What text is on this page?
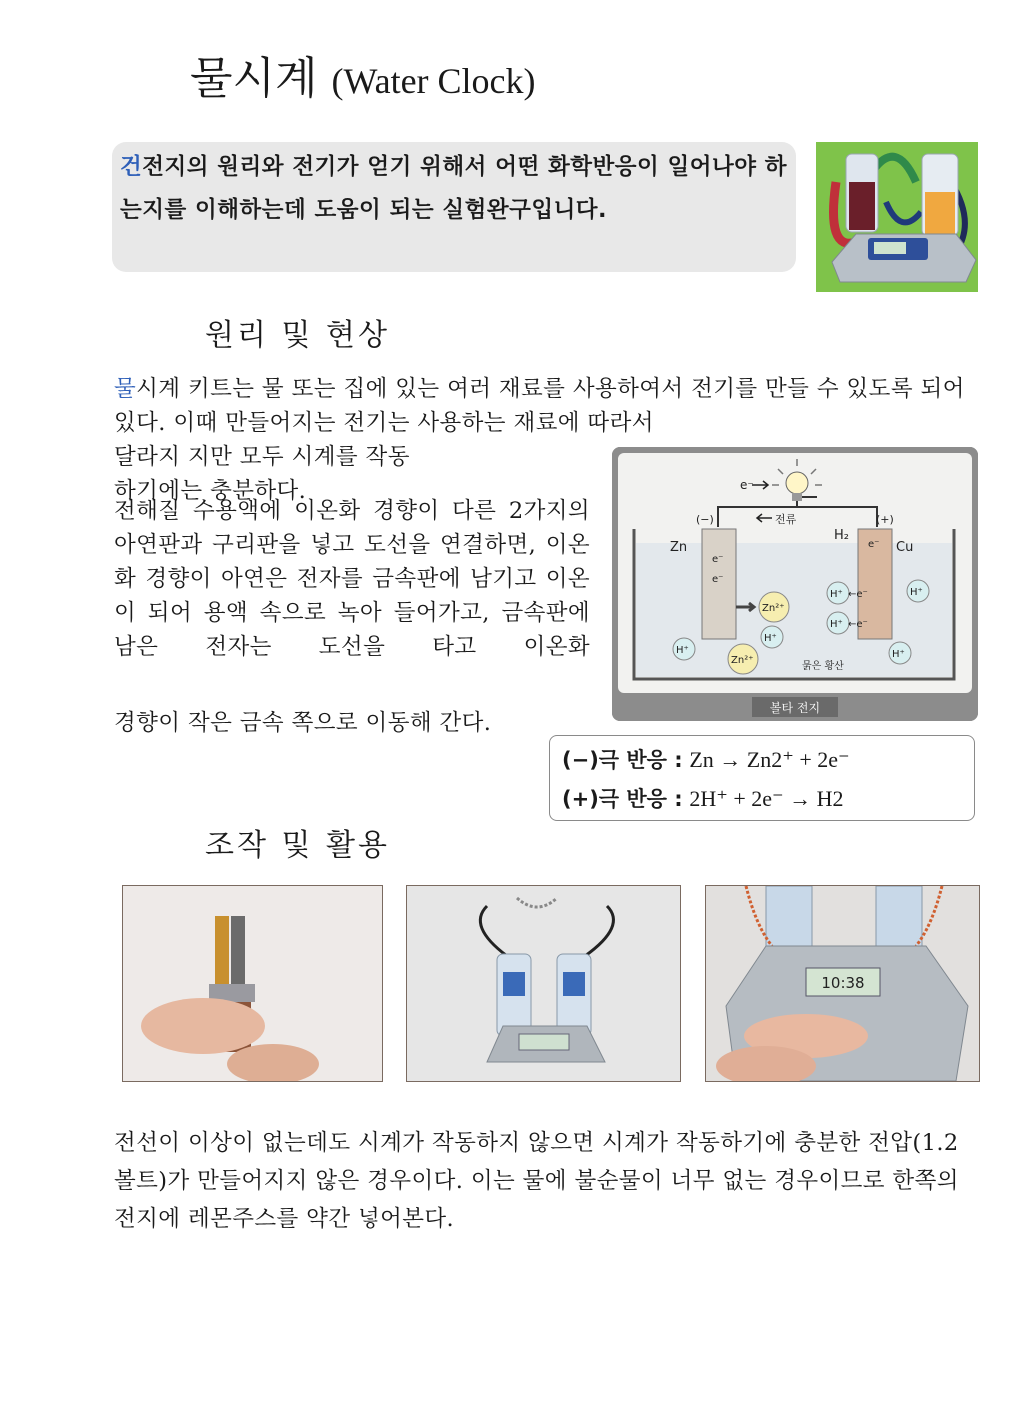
물시계 (Water Clock)
건전지의 원리와 전기가 얻기 위해서 어떤 화학반응이 일어나야 하는지를 이해하는데 도움이 되는 실험완구입니다.
원리 및 현상
물시계 키트는 물 또는 집에 있는 여러 재료를 사용하여서 전기를 만들 수 있도록 되어 있다. 이때 만들어지는 전기는 사용하는 재료에 따라서
달라지 지만 모두 시계를 작동
하기에는 충분하다.
전해질 수용액에 이온화 경향이 다른 2가지의 아연판과 구리판을 넣고 도선을 연결하면, 이온화 경향이 아연은 전자를 금속판에 남기고 이온이 되어 용액 속으로 녹아 들어가고, 금속판에 남은 전자는 도선을 타고 이온화
경향이 작은 금속 쪽으로 이동해 간다.
e⁻
전류
(−)	(+)
Zn	Cu
H₂
e⁻
e⁻
e⁻
Zn²⁺
Zn²⁺
H⁺
H⁺
H⁺
H⁺
H⁺
H⁺
←e⁻
←e⁻
묽은 황산
볼타 전지
(−)극 반응 : Zn → Zn2⁺ + 2e⁻
(+)극 반응 : 2H⁺ + 2e⁻ → H2
조작 및 활용
10:38
전선이 이상이 없는데도 시계가 작동하지 않으면 시계가 작동하기에 충분한 전압(1.2볼트)가 만들어지지 않은 경우이다. 이는 물에 불순물이 너무 없는 경우이므로 한쪽의 전지에 레몬주스를 약간 넣어본다.
